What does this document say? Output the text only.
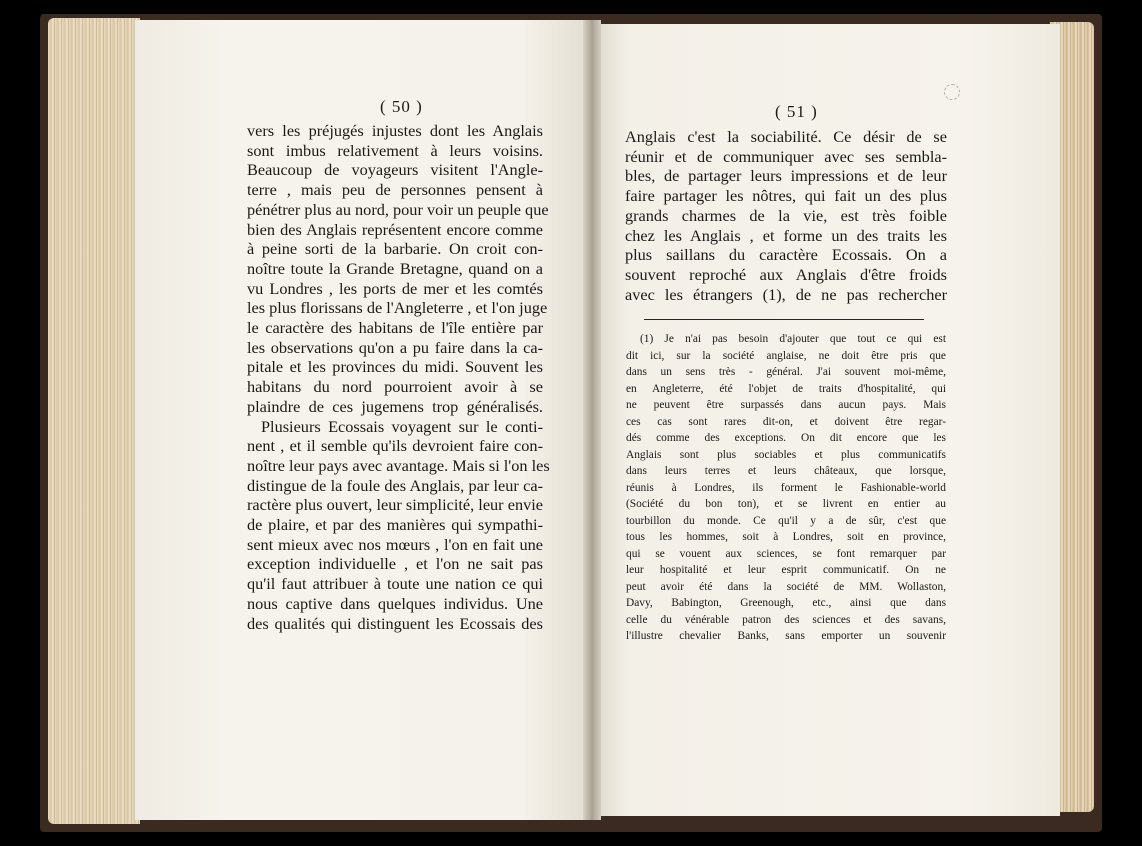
( 50 )	( 51 )
vers les préjugés injustes dont les Anglais
sont imbus relativement à leurs voisins.
Beaucoup de voyageurs visitent l'Angle-
terre , mais peu de personnes pensent à
pénétrer plus au nord, pour voir un peuple que
bien des Anglais représentent encore comme
à peine sorti de la barbarie. On croit con-
noître toute la Grande Bretagne, quand on a
vu Londres , les ports de mer et les comtés
les plus florissans de l'Angleterre , et l'on juge
le caractère des habitans de l'île entière par
les observations qu'on a pu faire dans la ca-
pitale et les provinces du midi. Souvent les
habitans du nord pourroient avoir à se
plaindre de ces jugemens trop généralisés.
Plusieurs Ecossais voyagent sur le conti-
nent , et il semble qu'ils devroient faire con-
noître leur pays avec avantage. Mais si l'on les
distingue de la foule des Anglais, par leur ca-
ractère plus ouvert, leur simplicité, leur envie
de plaire, et par des manières qui sympathi-
sent mieux avec nos mœurs , l'on en fait une
exception individuelle , et l'on ne sait pas
qu'il faut attribuer à toute une nation ce qui
nous captive dans quelques individus. Une
des qualités qui distinguent les Ecossais des
Anglais c'est la sociabilité. Ce désir de se
réunir et de communiquer avec ses sembla-
bles, de partager leurs impressions et de leur
faire partager les nôtres, qui fait un des plus
grands charmes de la vie, est très foible
chez les Anglais , et forme un des traits les
plus saillans du caractère Ecossais. On a
souvent reproché aux Anglais d'être froids
avec les étrangers (1), de ne pas rechercher
(1) Je n'ai pas besoin d'ajouter que tout ce qui est
dit ici, sur la société anglaise, ne doit être pris que
dans un sens très - général. J'ai souvent moi-même,
en Angleterre, été l'objet de traits d'hospitalité, qui
ne peuvent être surpassés dans aucun pays. Mais
ces cas sont rares dit-on, et doivent être regar-
dés comme des exceptions. On dit encore que les
Anglais sont plus sociables et plus communicatifs
dans leurs terres et leurs châteaux, que lorsque,
réunis à Londres, ils forment le Fashionable-world
(Société du bon ton), et se livrent en entier au
tourbillon du monde. Ce qu'il y a de sûr, c'est que
tous les hommes, soit à Londres, soit en province,
qui se vouent aux sciences, se font remarquer par
leur hospitalité et leur esprit communicatif. On ne
peut avoir été dans la société de MM. Wollaston,
Davy, Babington, Greenough, etc., ainsi que dans
celle du vénérable patron des sciences et des savans,
l'illustre chevalier Banks, sans emporter un souvenir
